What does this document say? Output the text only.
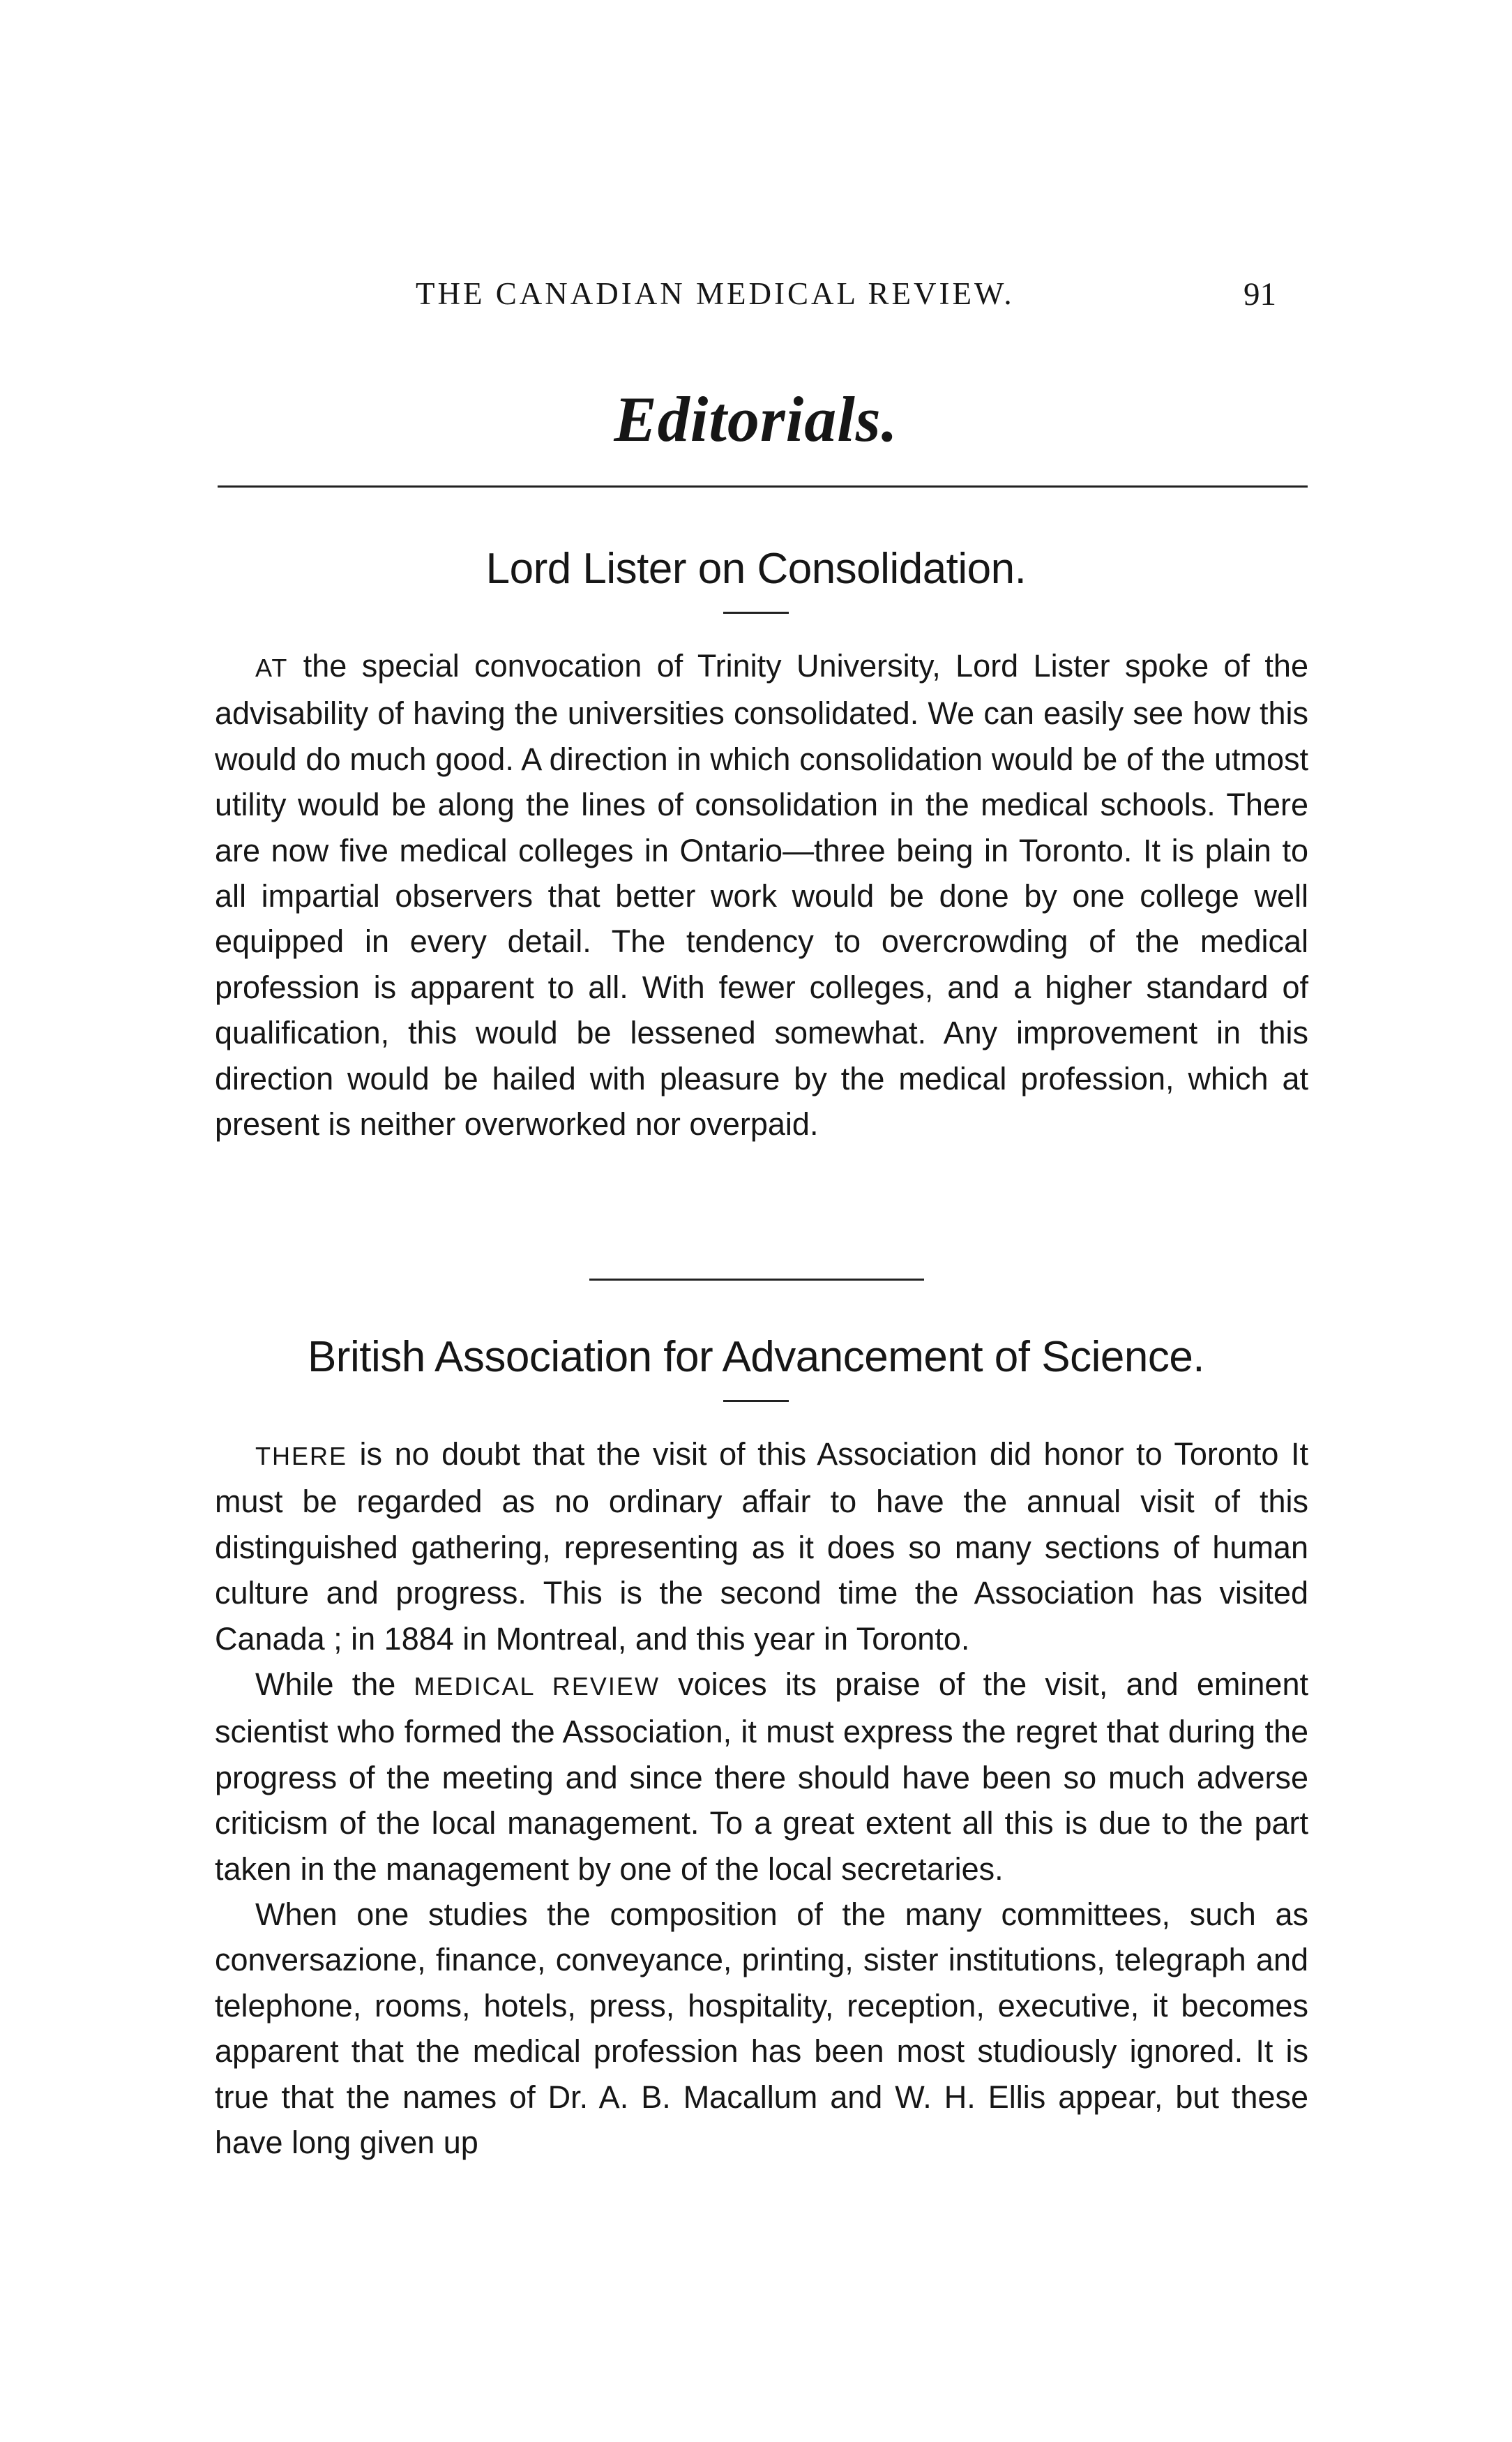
THE CANADIAN MEDICAL REVIEW.	91
Editorials.
Lord Lister on Consolidation.

AT the special convocation of Trinity University, Lord Lister spoke of the advisability of having the universities consolidated. We can easily see how this would do much good. A direction in which consolidation would be of the utmost utility would be along the lines of consolidation in the medical schools. There are now five medical colleges in Ontario—three being in Toronto. It is plain to all impartial observers that better work would be done by one college well equipped in every detail. The tendency to overcrowding of the medical profession is apparent to all. With fewer colleges, and a higher standard of qualification, this would be lessened somewhat. Any improvement in this direction would be hailed with pleasure by the medical profession, which at present is neither overworked nor overpaid.

British Association for Advancement of Science.

THERE is no doubt that the visit of this Association did honor to Toronto It must be regarded as no ordinary affair to have the annual visit of this distinguished gathering, representing as it does so many sections of human culture and progress. This is the second time the Association has visited Canada ; in 1884 in Montreal, and this year in Toronto.

While the MEDICAL REVIEW voices its praise of the visit, and eminent scientist who formed the Association, it must express the regret that during the progress of the meeting and since there should have been so much adverse criticism of the local management. To a great extent all this is due to the part taken in the management by one of the local secretaries.

When one studies the composition of the many committees, such as conversazione, finance, conveyance, printing, sister institutions, telegraph and telephone, rooms, hotels, press, hospitality, reception, executive, it becomes apparent that the medical profession has been most studiously ignored. It is true that the names of Dr. A. B. Macallum and W. H. Ellis appear, but these have long given up
